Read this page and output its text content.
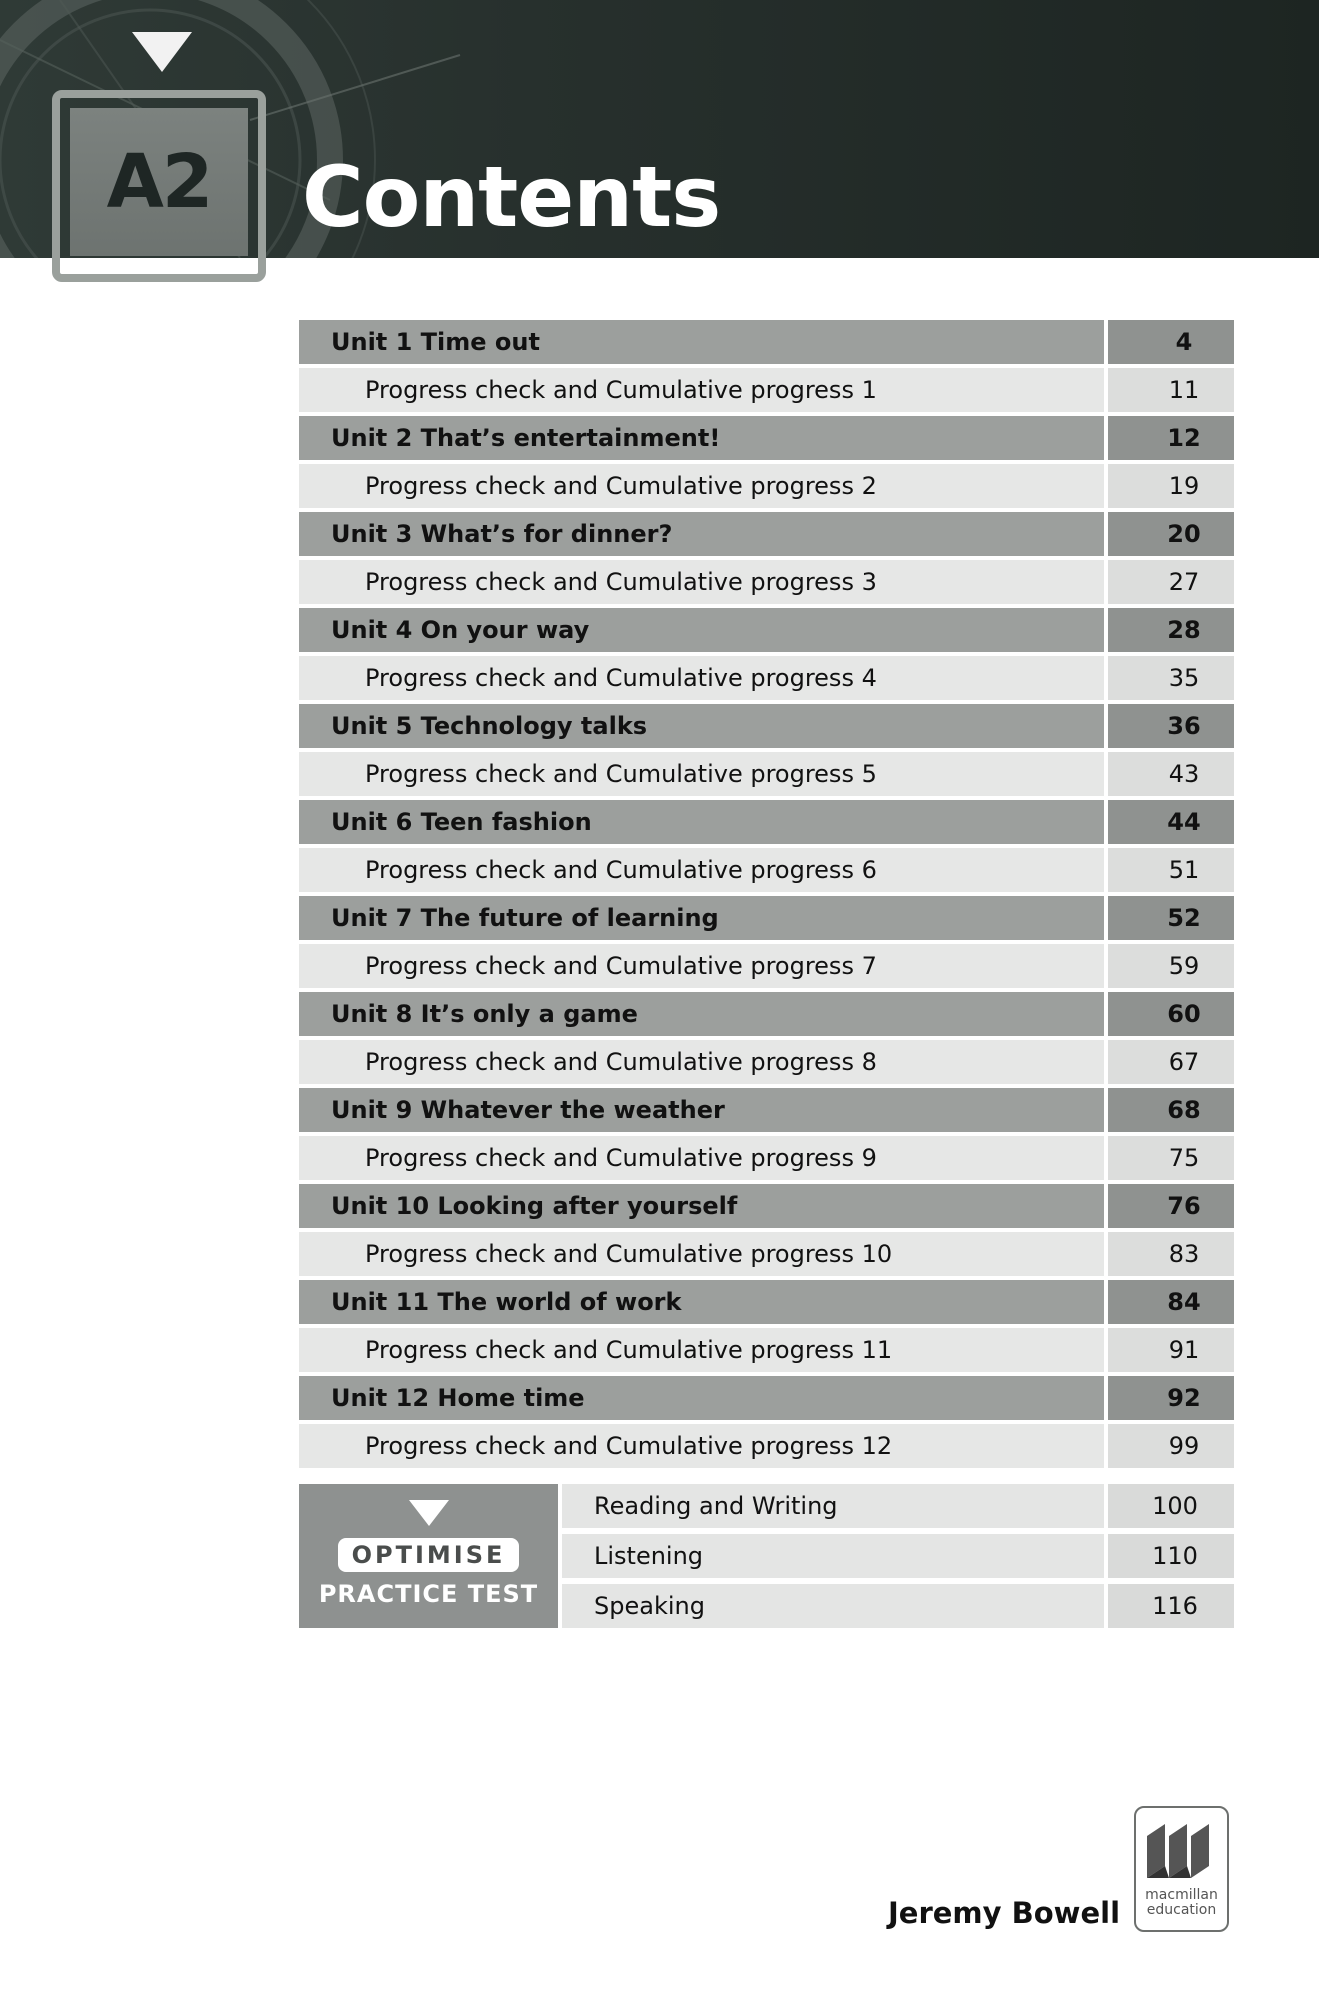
A2 Contents
Unit 1 Time out	4
Progress check and Cumulative progress 1	11
Unit 2 That’s entertainment!	12
Progress check and Cumulative progress 2	19
Unit 3 What’s for dinner?	20
Progress check and Cumulative progress 3	27
Unit 4 On your way	28
Progress check and Cumulative progress 4	35
Unit 5 Technology talks	36
Progress check and Cumulative progress 5	43
Unit 6 Teen fashion	44
Progress check and Cumulative progress 6	51
Unit 7 The future of learning	52
Progress check and Cumulative progress 7	59
Unit 8 It’s only a game	60
Progress check and Cumulative progress 8	67
Unit 9 Whatever the weather	68
Progress check and Cumulative progress 9	75
Unit 10 Looking after yourself	76
Progress check and Cumulative progress 10	83
Unit 11 The world of work	84
Progress check and Cumulative progress 11	91
Unit 12 Home time	92
Progress check and Cumulative progress 12	99
OPTIMISE
PRACTICE TEST
Reading and Writing	100
Listening	110
Speaking	116
Jeremy Bowell
macmillan education
